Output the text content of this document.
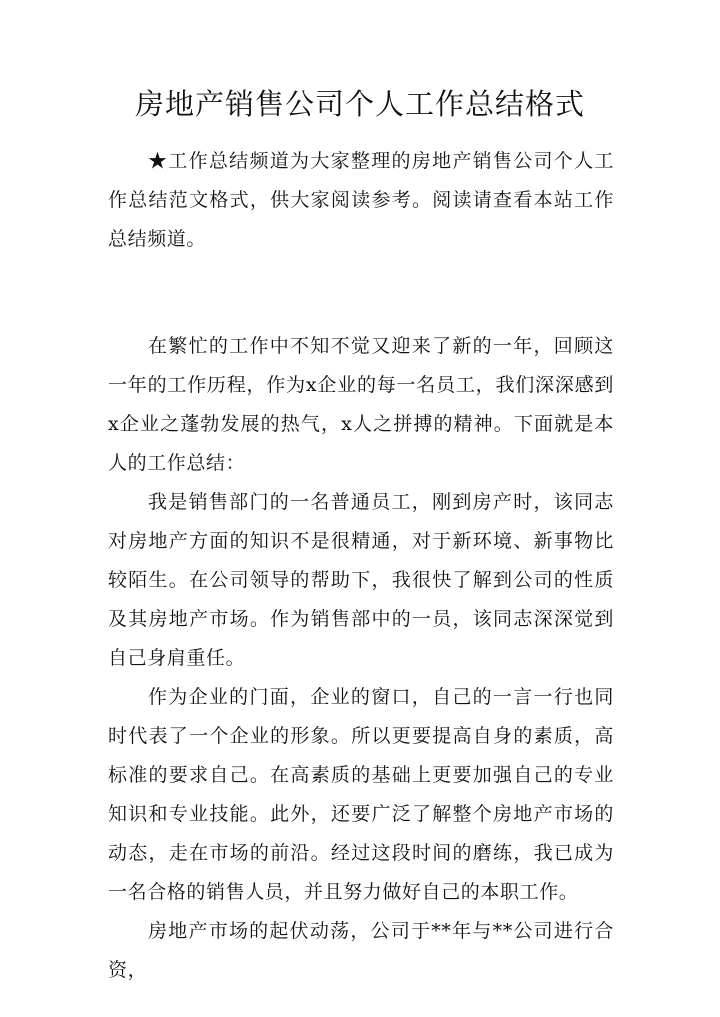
房地产销售公司个人工作总结格式

★工作总结频道为大家整理的房地产销售公司个人工作总结范文格式，供大家阅读参考。阅读请查看本站工作总结频道。

在繁忙的工作中不知不觉又迎来了新的一年，回顾这一年的工作历程，作为x企业的每一名员工，我们深深感到x企业之蓬勃发展的热气，x人之拼搏的精神。下面就是本人的工作总结：

我是销售部门的一名普通员工，刚到房产时，该同志对房地产方面的知识不是很精通，对于新环境、新事物比较陌生。在公司领导的帮助下，我很快了解到公司的性质及其房地产市场。作为销售部中的一员，该同志深深觉到自己身肩重任。

作为企业的门面，企业的窗口，自己的一言一行也同时代表了一个企业的形象。所以更要提高自身的素质，高标准的要求自己。在高素质的基础上更要加强自己的专业知识和专业技能。此外，还要广泛了解整个房地产市场的动态，走在市场的前沿。经过这段时间的磨练，我已成为一名合格的销售人员，并且努力做好自己的本职工作。

房地产市场的起伏动荡，公司于**年与**公司进行合资，
